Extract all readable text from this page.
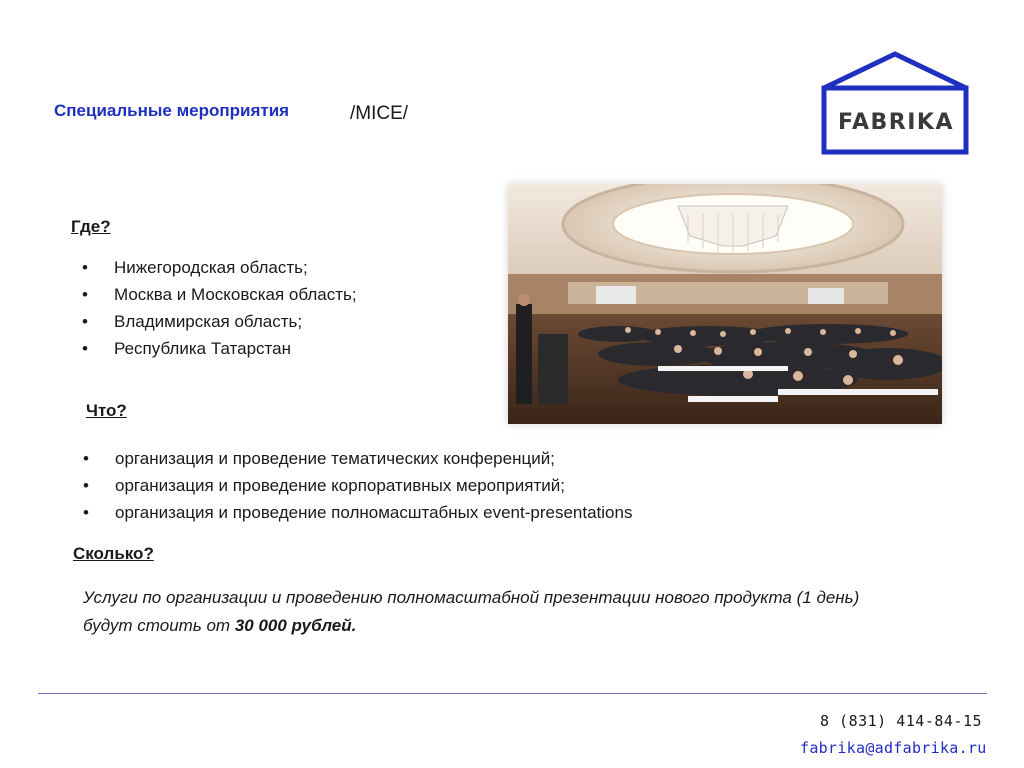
Специальные мероприятия	/MICE/	FABRIKA
Где?
• Нижегородская область;
• Москва и Московская область;
• Владимирская область;
• Республика Татарстан
Что?
• организация и проведение тематических конференций;
• организация и проведение корпоративных мероприятий;
• организация и проведение полномасштабных event-presentations
Сколько?
Услуги по организации и проведению полномасштабной презентации нового продукта (1 день) будут стоить от 30 000 рублей.
8 (831) 414-84-15
fabrika@adfabrika.ru
